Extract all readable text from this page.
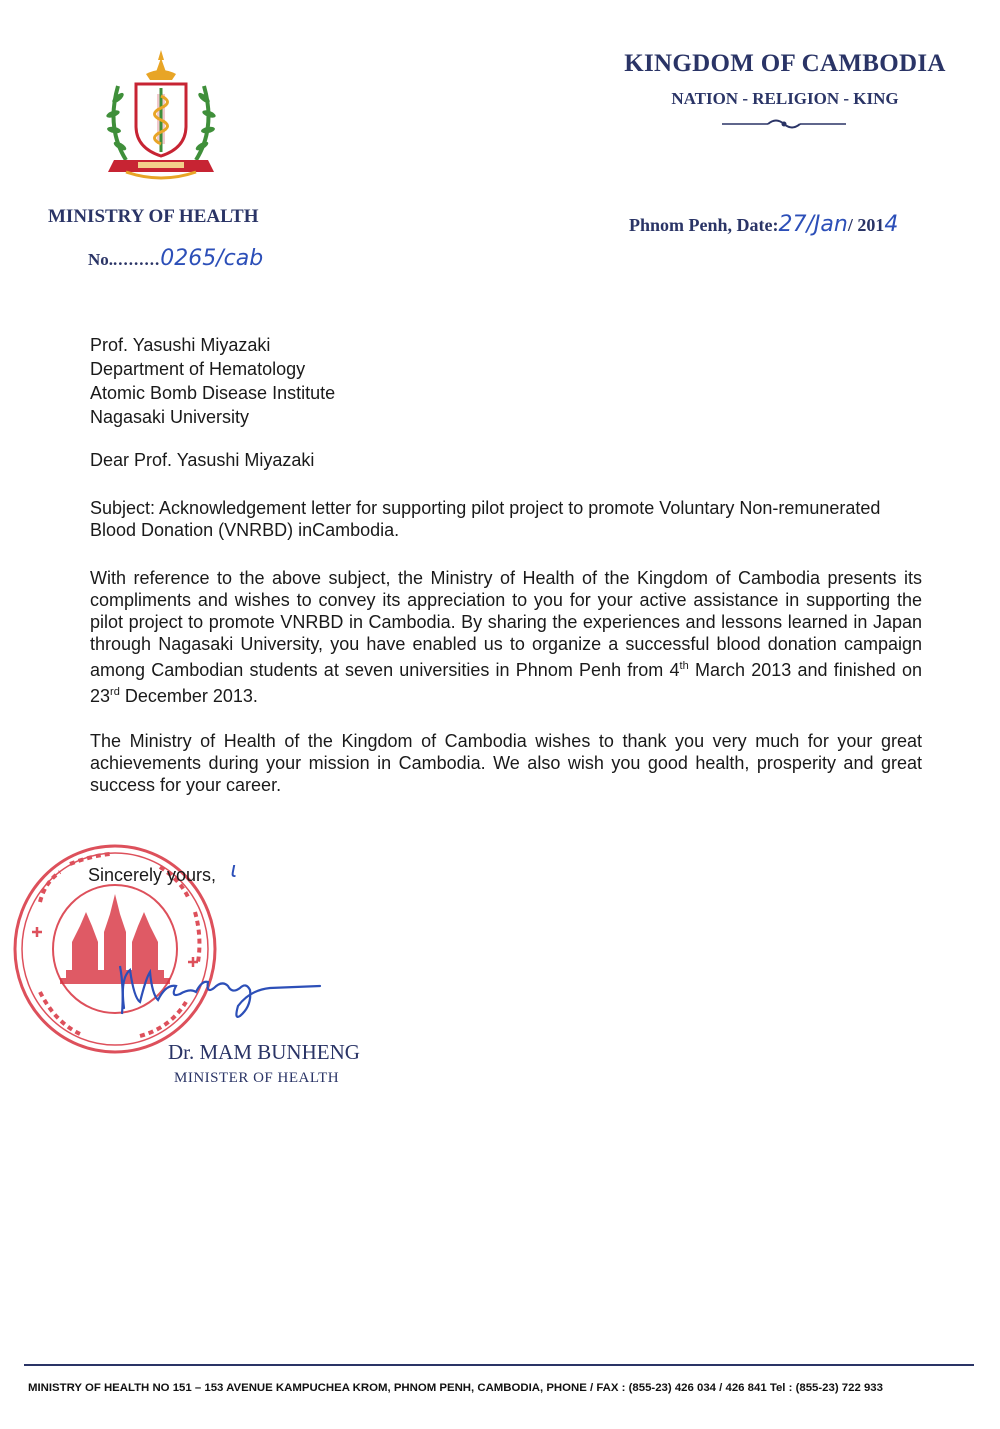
KINGDOM OF CAMBODIA
NATION - RELIGION - KING
MINISTRY OF HEALTH
No..........0265/cab
Phnom Penh, Date:27/Jan/ 2014
Prof. Yasushi Miyazaki
Department of Hematology
Atomic Bomb Disease Institute
Nagasaki University
Dear Prof. Yasushi Miyazaki

Subject: Acknowledgement letter for supporting pilot project to promote Voluntary Non-remunerated Blood Donation (VNRBD) inCambodia.

With reference to the above subject, the Ministry of Health of the Kingdom of Cambodia presents its compliments and wishes to convey its appreciation to you for your active assistance in supporting the pilot project to promote VNRBD in Cambodia. By sharing the experiences and lessons learned in Japan through Nagasaki University, you have enabled us to organize a successful blood donation campaign among Cambodian students at seven universities in Phnom Penh from 4th March 2013 and finished on 23rd December 2013.

The Ministry of Health of the Kingdom of Cambodia wishes to thank you very much for your great achievements during your mission in Cambodia. We also wish you good health, prosperity and great success for your career.

Sincerely yours, ɩ
Dr. MAM BUNHENG
MINISTER OF HEALTH
MINISTRY OF HEALTH NO 151 – 153 AVENUE KAMPUCHEA KROM, PHNOM PENH, CAMBODIA, PHONE / FAX : (855-23) 426 034 / 426 841 Tel : (855-23) 722 933
